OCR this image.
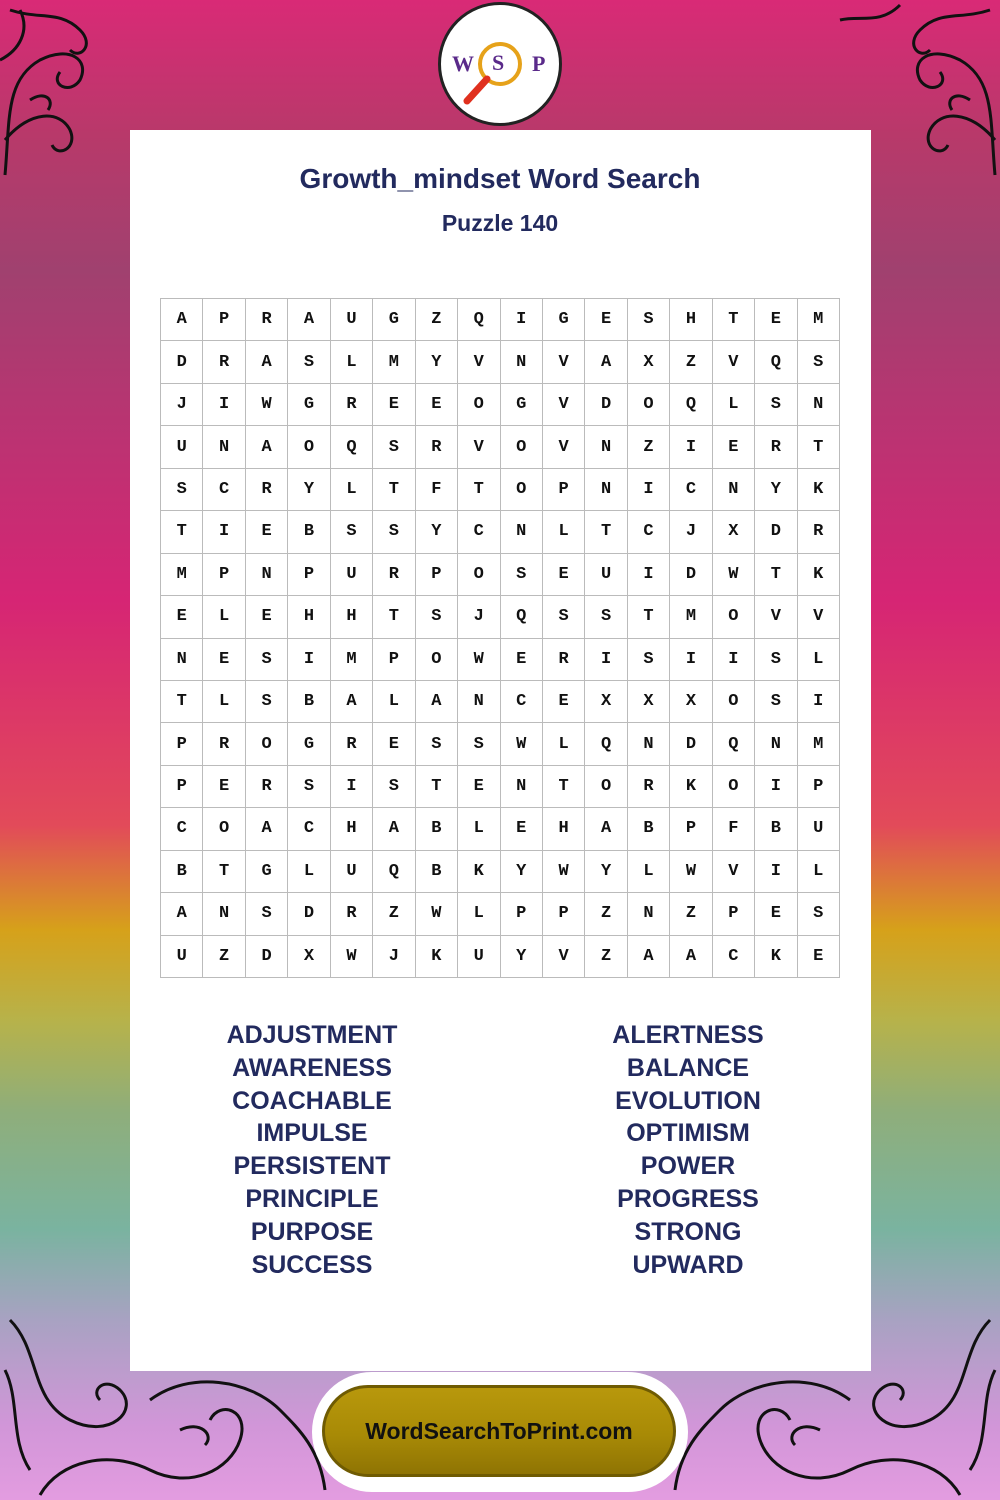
W S P
Growth_mindset Word Search
Puzzle 140
A	P	R	A	U	G	Z	Q	I	G	E	S	H	T	E	M
D	R	A	S	L	M	Y	V	N	V	A	X	Z	V	Q	S
J	I	W	G	R	E	E	O	G	V	D	O	Q	L	S	N
U	N	A	O	Q	S	R	V	O	V	N	Z	I	E	R	T
S	C	R	Y	L	T	F	T	O	P	N	I	C	N	Y	K
T	I	E	B	S	S	Y	C	N	L	T	C	J	X	D	R
M	P	N	P	U	R	P	O	S	E	U	I	D	W	T	K
E	L	E	H	H	T	S	J	Q	S	S	T	M	O	V	V
N	E	S	I	M	P	O	W	E	R	I	S	I	I	S	L
T	L	S	B	A	L	A	N	C	E	X	X	X	O	S	I
P	R	O	G	R	E	S	S	W	L	Q	N	D	Q	N	M
P	E	R	S	I	S	T	E	N	T	O	R	K	O	I	P
C	O	A	C	H	A	B	L	E	H	A	B	P	F	B	U
B	T	G	L	U	Q	B	K	Y	W	Y	L	W	V	I	L
A	N	S	D	R	Z	W	L	P	P	Z	N	Z	P	E	S
U	Z	D	X	W	J	K	U	Y	V	Z	A	A	C	K	E
ADJUSTMENT
AWARENESS
COACHABLE
IMPULSE
PERSISTENT
PRINCIPLE
PURPOSE
SUCCESS
ALERTNESS
BALANCE
EVOLUTION
OPTIMISM
POWER
PROGRESS
STRONG
UPWARD
WordSearchToPrint.com
